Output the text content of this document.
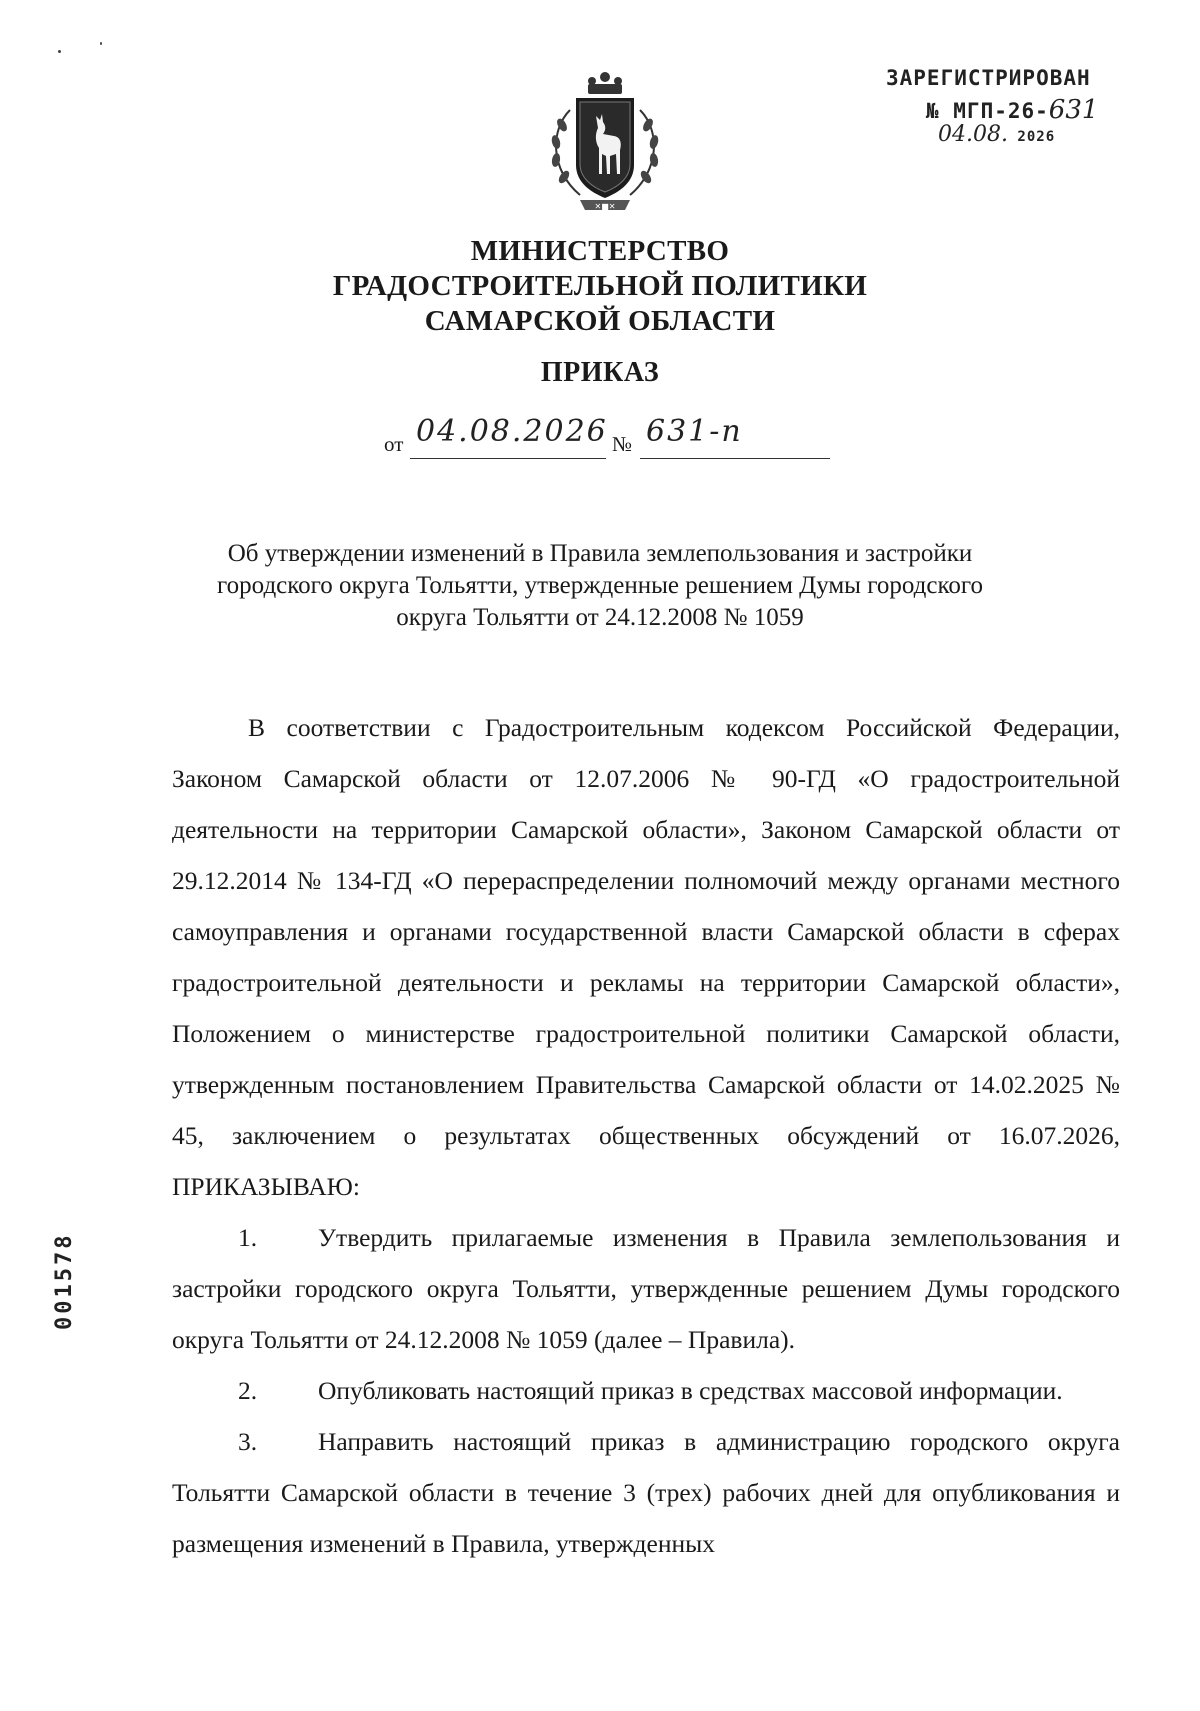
✕■✕
ЗАРЕГИСТРИРОВАН
№ МГП-26-631
04.08. 2026
МИНИСТЕРСТВО
ГРАДОСТРОИТЕЛЬНОЙ ПОЛИТИКИ
САМАРСКОЙ ОБЛАСТИ
ПРИКАЗ
от 04.08.2026 № 631-п
Об утверждении изменений в Правила землепользования и застройки
городского округа Тольятти, утвержденные решением Думы городского
округа Тольятти от 24.12.2008 № 1059

В соответствии с Градостроительным кодексом Российской Федерации, Законом Самарской области от 12.07.2006 № 90-ГД «О градостроительной деятельности на территории Самарской области», Законом Самарской области от 29.12.2014 № 134-ГД «О перераспределении полномочий между органами местного самоуправления и органами государственной власти Самарской области в сферах градостроительной деятельности и рекламы на территории Самарской области», Положением о министерстве градостроительной политики Самарской области, утвержденным постановлением Правительства Самарской области от 14.02.2025 № 45, заключением о результатах общественных обсуждений от 16.07.2026, ПРИКАЗЫВАЮ:

1. Утвердить прилагаемые изменения в Правила землепользования и застройки городского округа Тольятти, утвержденные решением Думы городского округа Тольятти от 24.12.2008 № 1059 (далее – Правила).

2. Опубликовать настоящий приказ в средствах массовой информации.

3. Направить настоящий приказ в администрацию городского округа Тольятти Самарской области в течение 3 (трех) рабочих дней для опубликования и размещения изменений в Правила, утвержденных

001578
